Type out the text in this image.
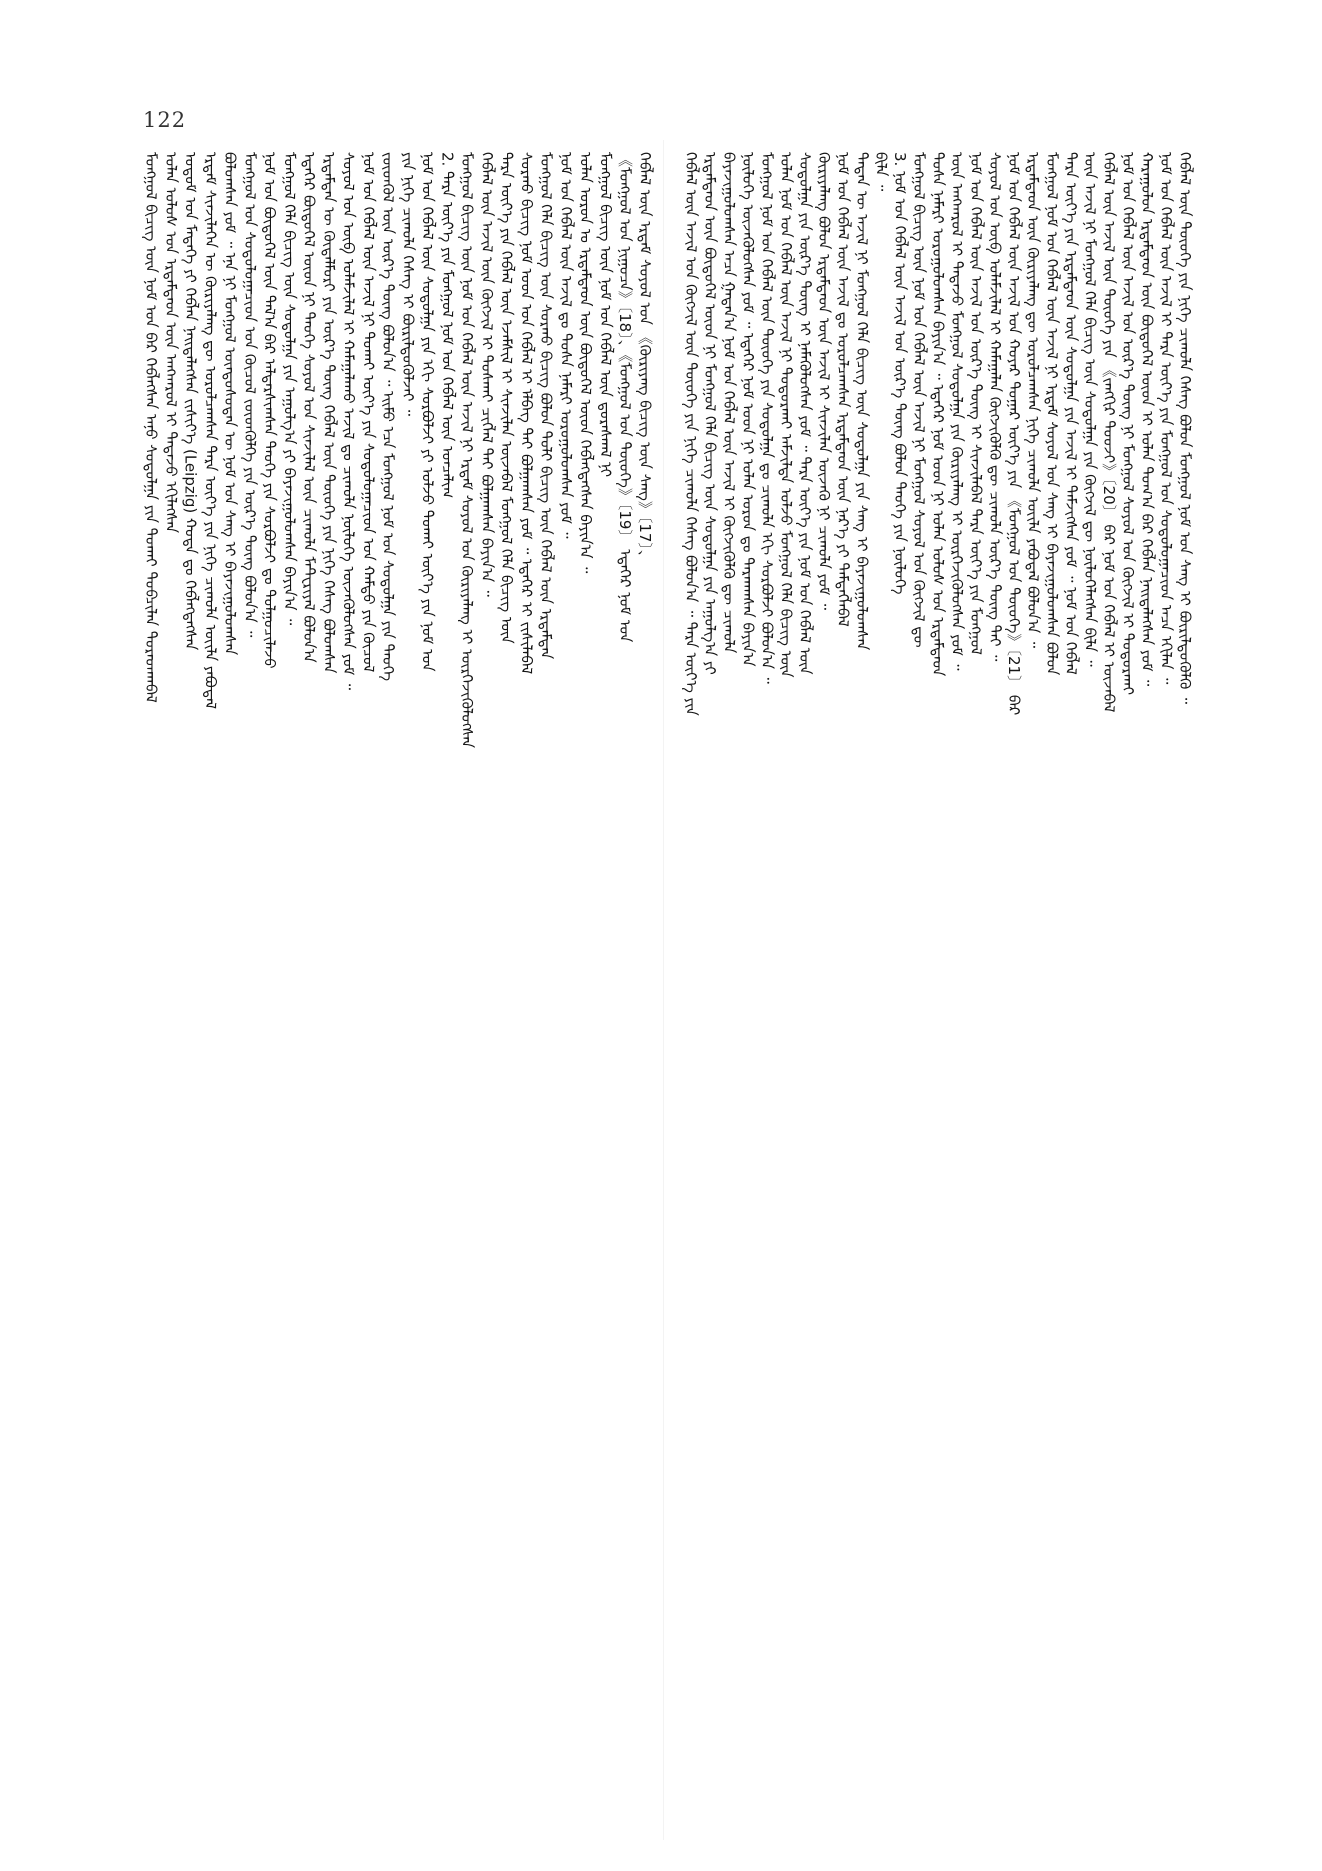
122
ᠮᠣᠩᠭᠣᠯ ᠪᠢᠴᠢᠭ᠌ ᠦᠨ ᠨᠣᠮ ᠤᠨ ᠪᠠᠷ ᠬᠡᠪᠯᠡᠭᠰᠡᠨ ᠠᠨᠤ ᠰᠤᠳᠤᠯᠭᠠ ᠶᠢᠨ ᠲᠤᠬᠠᠢ ᠲᠤᠪᠴᠢᠯᠠᠨ ᠳᠤᠷᠠᠳᠬᠠᠪᠠᠯ ᠣᠯᠠᠨ ᠤᠯᠤᠰ ᠤᠨ ᠡᠷᠳᠡᠮᠲᠡᠳ ᠦᠨ ᠠᠩᠬᠠᠷᠤᠯ ᠢ ᠲᠠᠲᠠᠵᠤ ᠡᠬᠢᠯᠡᠭᠰᠡᠨ ᠤᠳᠤᠮ ᠤᠨ ᠮᠡᠳᠡᠭᠡ ᠶᠢ ᠬᠡᠪᠯᠡᠨ ᠨᠡᠢᠲᠡᠯᠡᠭᠰᠡᠨ ᠵᠢᠱᠢᠶ᠎ᠡ (Leipzig) ᠬᠣᠲᠠ ᠳᠤ ᠬᠡᠪᠯᠡᠭᠳᠡᠭᠰᠡᠨ ᠡᠷᠳᠡᠮ ᠰᠢᠨᠵᠢᠯᠡᠭᠡᠨ ᠦ ᠬᠦᠷᠢᠶᠡᠯᠡᠩ ᠳᠦ ᠣᠷᠣᠯᠴᠠᠭᠰᠠᠨ ᠲᠡᠷᠡ ᠦᠶ᠎ᠡ ᠶᠢᠨ ᠨᠢᠭᠡ ᠴᠢᠬᠤᠯᠠ ᠦᠢᠯᠡ ᠶᠠᠪᠤᠳᠠᠯ ᠪᠣᠯᠤᠭᠰᠠᠨ ᠶᠤᠮ ᠃ ᠡᠨᠡ ᠨᠢ ᠮᠣᠩᠭᠣᠯ ᠦᠨᠳᠦᠰᠦᠲᠡᠨ ᠦ ᠨᠣᠮ ᠤᠨ ᠰᠠᠩ ᠢ ᠪᠠᠶᠠᠵᠢᠭᠤᠯᠤᠭᠰᠠᠨ ᠮᠣᠩᠭᠣᠯ ᠤᠨ ᠰᠤᠳᠤᠯᠤᠭᠠᠴᠢᠳ ᠤᠨ ᠬᠦᠴᠦᠯ ᠵᠦᠳᠭᠦᠯᠭᠡ ᠶᠢᠨ ᠦᠷ᠎ᠡ ᠳᠦᠩ ᠪᠣᠯᠤᠨ᠎ᠠ ᠃ ᠨᠣᠮ ᠤᠨ ᠪᠦᠲᠦᠭᠡᠯ ᠦᠨ ᠲᠠᠯ᠎ᠠ ᠪᠠᠷ ᠠᠯᠳᠠᠷᠰᠢᠭᠰᠠᠨ ᠲᠡᠦᠬᠡ ᠶᠢᠨ ᠰᠤᠷᠪᠤᠯᠵᠢ ᠳᠤ ᠲᠤᠯᠭᠤᠴᠢᠯᠠᠵᠤ ᠮᠣᠩᠭᠣᠯ ᠬᠡᠯᠡ ᠪᠢᠴᠢᠭ᠌ ᠦᠨ ᠰᠤᠳᠤᠯᠭᠠ ᠶᠢᠨ ᠠᠭᠤᠯᠭ᠎ᠠ ᠶᠢ ᠪᠠᠶᠠᠵᠢᠭᠤᠯᠤᠭᠰᠠᠨ ᠪᠠᠶᠢᠨ᠎ᠠ ᠃ ᠡᠳᠡᠭᠡᠷ ᠪᠦᠲᠦᠭᠡᠯ ᠦᠳ ᠨᠢ ᠲᠡᠦᠬᠡ ᠰᠣᠶᠣᠯ ᠤᠨ ᠰᠢᠨᠵᠢᠯᠡᠯ ᠦᠨ ᠴᠢᠬᠤᠯᠠ ᠮᠠᠲ᠋ᠧᠷᠢᠶᠠᠯ ᠪᠣᠯᠤᠨ᠎ᠠ ᠡᠷᠳᠡᠮᠲᠡᠨ ᠦ ᠬᠦᠳᠡᠯᠮᠦᠷᠢ ᠶᠢᠨ ᠦᠷ᠎ᠡ ᠳᠦᠩ ᠬᠡᠪᠯᠡᠯ ᠦᠨ ᠲᠦᠦᠬᠡ ᠶᠢᠨ ᠨᠢᠭᠡ ᠬᠡᠰᠡᠭ ᠪᠣᠯᠤᠭᠰᠠᠨ ᠰᠣᠶᠣᠯ ᠤᠨ ᠦᠪ ᠤᠯᠠᠮᠵᠢᠯᠠᠯ ᠢ ᠬᠠᠮᠠᠭᠠᠯᠠᠬᠤ ᠠᠵᠢᠯ ᠳᠤ ᠴᠢᠬᠤᠯᠠ ᠨᠥᠯᠦᠭᠡ ᠦᠵᠡᠭᠦᠯᠦᠭᠰᠡᠨ ᠶᠤᠮ ᠃ ᠨᠣᠮ ᠤᠨ ᠬᠡᠪᠯᠡᠯ ᠦᠨ ᠠᠵᠢᠯ ᠨᠢ ᠲᠤᠬᠠᠢ ᠦᠶ᠎ᠡ ᠶᠢᠨ ᠰᠤᠳᠤᠯᠤᠭᠠᠴᠢᠳ ᠤᠨ ᠬᠠᠮᠲᠤ ᠶᠢᠨ ᠬᠦᠴᠦᠯ ᠵᠦᠳᠭᠦᠯ ᠦᠨ ᠦᠷ᠎ᠡ ᠳᠦᠩ ᠪᠣᠯᠤᠨ᠎ᠠ ᠃ ᠡᠢᠮᠦ ᠡᠴᠡ ᠮᠣᠩᠭᠣᠯ ᠨᠣᠮ ᠤᠨ ᠰᠤᠳᠤᠯᠭᠠ ᠶᠢᠨ ᠲᠡᠦᠬᠡ ᠶᠢᠨ ᠨᠢᠭᠡ ᠴᠢᠬᠤᠯᠠ ᠬᠡᠰᠡᠭ ᠢ ᠪᠦᠷᠢᠯᠳᠦᠭᠦᠯᠵᠡᠢ ᠃ ᠨᠣᠮ ᠤᠨ ᠬᠡᠪᠯᠡᠯ ᠦᠨ ᠰᠤᠳᠤᠯᠭᠠ ᠶᠢᠨ ᠡᠬᠢ ᠰᠤᠷᠪᠤᠯᠵᠢ ᠶᠢ ᠣᠯᠵᠤ ᠲᠤᠬᠠᠢ ᠦᠶ᠎ᠡ ᠶᠢᠨ ᠨᠣᠮ ᠤᠨ 2. ᠲᠡᠷᠡ ᠦᠶ᠎ᠡ ᠶᠢᠨ ᠮᠣᠩᠭᠣᠯ ᠨᠣᠮ ᠤᠨ ᠬᠡᠪᠯᠡᠯ ᠦᠨ ᠣᠨᠴᠠᠯᠢᠭ ᠮᠣᠩᠭᠣᠯ ᠪᠢᠴᠢᠭ᠌ ᠦᠨ ᠨᠣᠮ ᠤᠨ ᠬᠡᠪᠯᠡᠯ ᠦᠨ ᠠᠵᠢᠯ ᠨᠢ ᠡᠷᠳᠡᠮ ᠰᠣᠶᠣᠯ ᠤᠨ ᠬᠦᠷᠢᠶᠡᠯᠡᠩ ᠢ ᠥᠷᠭᠡᠵᠢᠭᠦᠯᠦᠭᠰᠡᠨ ᠬᠡᠪᠯᠡᠯ ᠦᠨ ᠠᠵᠢᠯ ᠦᠨ ᠬᠥᠭᠵᠢᠯ ᠢ ᠲᠤᠰᠬᠠᠢ ᠴᠢᠭᠯᠡᠯ ᠲᠡᠢ ᠪᠣᠯᠭᠠᠭᠰᠠᠨ ᠪᠠᠶᠢᠨ᠎ᠠ ᠃ ᠲᠡᠷᠡ ᠦᠶ᠎ᠡ ᠶᠢᠨ ᠬᠡᠪᠯᠡᠯ ᠦᠨ ᠡᠵᠡᠮᠰᠢᠯ ᠢ ᠰᠢᠨᠵᠢᠯᠡᠨ ᠦᠵᠡᠪᠡᠯ ᠮᠣᠩᠭᠣᠯ ᠬᠡᠯᠡ ᠪᠢᠴᠢᠭ᠌ ᠦᠨ ᠰᠤᠷᠬᠤ ᠪᠢᠴᠢᠭ᠌ ᠨᠣᠮ ᠤᠳ ᠤᠨ ᠬᠡᠪᠯᠡᠯ ᠢ ᠡᠯᠪᠡᠭ ᠲᠠᠢ ᠪᠣᠯᠭᠠᠭᠰᠠᠨ ᠶᠤᠮ ᠃ ᠡᠳᠡᠭᠡᠷ ᠢ ᠵᠢᠱᠢᠯᠡᠪᠡᠯ ᠮᠣᠩᠭᠣᠯ ᠬᠡᠯᠡ ᠪᠢᠴᠢᠭ᠌ ᠦᠨ ᠰᠤᠷᠬᠤ ᠪᠢᠴᠢᠭ᠌ ᠪᠣᠯᠤᠨ ᠲᠣᠯᠢ ᠪᠢᠴᠢᠭ᠌ ᠦᠨ ᠬᠡᠪᠯᠡᠯ ᠦᠨ ᠡᠷᠳᠡᠮᠲᠡᠨ ᠨᠣᠮ ᠤᠨ ᠬᠡᠪᠯᠡᠯ ᠦᠨ ᠠᠵᠢᠯ ᠳᠤ ᠲᠤᠰᠠ ᠨᠡᠮᠡᠷᠢ ᠣᠷᠤᠭᠤᠯᠤᠭᠰᠠᠨ ᠶᠤᠮ ᠃ ᠣᠯᠠᠨ ᠣᠷᠣᠨ ᠤ ᠡᠷᠳᠡᠮᠲᠡᠳ ᠦᠨ ᠪᠦᠲᠦᠭᠡᠯ ᠦᠳ ᠬᠡᠪᠯᠡᠭᠳᠡᠭᠰᠡᠨ ᠪᠠᠶᠢᠨ᠎ᠠ ᠃ ᠮᠣᠩᠭᠣᠯ ᠪᠢᠴᠢᠭ᠌ ᠦᠨ ᠨᠣᠮ ᠤᠨ ᠬᠡᠪᠯᠡᠯ ᠦᠨ ᠳ᠋ᠤᠷᠠᠰᠬᠠᠯ ᠨᠢ 《ᠮᠣᠩᠭᠣᠯ ᠤᠨ ᠨᠢᠭᠤᠴᠠ》〔18〕、《ᠮᠣᠩᠭᠣᠯ ᠤᠨ ᠲᠦᠦᠬᠡ》〔19〕 ᠡᠳᠡᠭᠡᠷ ᠨᠣᠮ ᠤᠨ ᠬᠡᠪᠯᠡᠯ ᠦᠨ ᠡᠷᠳᠡᠮ ᠰᠣᠶᠣᠯ ᠤᠨ 《ᠬᠦᠷᠢᠶᠡᠩ ᠪᠢᠴᠢᠭ᠌ ᠦᠨ ᠰᠠᠩ》〔17〕、 ᠬᠡᠪᠯᠡᠯ ᠦᠨ ᠠᠵᠢᠯ ᠤᠨ ᠬᠥᠭᠵᠢᠯ ᠦᠨ ᠲᠦᠦᠬᠡ ᠶᠢᠨ ᠨᠢᠭᠡ ᠴᠢᠬᠤᠯᠠ ᠬᠡᠰᠡᠭ ᠪᠣᠯᠤᠨ᠎ᠠ ᠃ ᠲᠡᠷᠡ ᠦᠶ᠎ᠡ ᠶᠢᠨ ᠡᠷᠳᠡᠮᠲᠡᠳ ᠦᠨ ᠪᠦᠲᠦᠭᠡᠯ ᠦᠳ ᠨᠢ ᠮᠣᠩᠭᠣᠯ ᠬᠡᠯᠡ ᠪᠢᠴᠢᠭ᠌ ᠦᠨ ᠰᠤᠳᠤᠯᠭᠠ ᠶᠢᠨ ᠠᠭᠤᠯᠭ᠎ᠠ ᠶᠢ ᠪᠠᠶᠠᠵᠢᠭᠤᠯᠤᠭᠰᠠᠨ ᠠᠴᠠ ᠭᠠᠳᠠᠨ᠎ᠠ ᠨᠣᠮ ᠤᠨ ᠬᠡᠪᠯᠡᠯ ᠦᠨ ᠠᠵᠢᠯ ᠢ ᠬᠥᠭᠵᠢᠭᠦᠯᠬᠦ ᠳᠦ ᠴᠢᠬᠤᠯᠠ ᠨᠥᠯᠦᠭᠡ ᠦᠵᠡᠭᠦᠯᠦᠭᠰᠡᠨ ᠶᠤᠮ ᠃ ᠡᠳᠡᠭᠡᠷ ᠨᠣᠮ ᠤᠳ ᠨᠢ ᠣᠯᠠᠨ ᠣᠷᠣᠨ ᠳᠤ ᠲᠠᠷᠬᠠᠭᠰᠠᠨ ᠪᠠᠶᠢᠨ᠎ᠠ ᠮᠣᠩᠭᠣᠯ ᠨᠣᠮ ᠤᠨ ᠬᠡᠪᠯᠡᠯ ᠦᠨ ᠲᠦᠦᠬᠡ ᠶᠢᠨ ᠰᠤᠳᠤᠯᠭᠠ ᠳᠤ ᠴᠢᠬᠤᠯᠠ ᠡᠬᠢ ᠰᠤᠷᠪᠤᠯᠵᠢ ᠪᠣᠯᠤᠨ᠎ᠠ ᠃ ᠣᠯᠠᠨ ᠨᠣᠮ ᠤᠨ ᠬᠡᠪᠯᠡᠯ ᠦᠨ ᠠᠵᠢᠯ ᠨᠢ ᠲᠣᠳᠣᠷᠬᠠᠢ ᠠᠮᠵᠢᠯᠲᠠ ᠣᠯᠵᠤ ᠮᠣᠩᠭᠣᠯ ᠬᠡᠯᠡ ᠪᠢᠴᠢᠭ᠌ ᠦᠨ ᠰᠤᠳᠤᠯᠭᠠ ᠶᠢᠨ ᠦᠷ᠎ᠡ ᠳᠦᠩ ᠢ ᠨᠡᠮᠡᠭᠦᠯᠦᠭᠰᠡᠨ ᠶᠤᠮ ᠃ ᠲᠡᠷᠡ ᠦᠶ᠎ᠡ ᠶᠢᠨ ᠨᠣᠮ ᠤᠨ ᠬᠡᠪᠯᠡᠯ ᠦᠨ ᠬᠦᠷᠢᠶᠡᠯᠡᠩ ᠪᠣᠯᠤᠨ ᠡᠷᠳᠡᠮᠲᠡᠳ ᠦᠨ ᠠᠵᠢᠯ ᠢ ᠰᠢᠨᠵᠢᠯᠡᠨ ᠦᠵᠡᠬᠦ ᠨᠢ ᠴᠢᠬᠤᠯᠠ ᠶᠤᠮ ᠃ ᠨᠣᠮ ᠤᠨ ᠬᠡᠪᠯᠡᠯ ᠦᠨ ᠠᠵᠢᠯ ᠳᠤ ᠣᠷᠣᠯᠴᠠᠭᠰᠠᠨ ᠡᠷᠳᠡᠮᠲᠡᠳ ᠦᠨ ᠨᠡᠷ᠎ᠡ ᠶᠢ ᠲᠡᠮᠳᠡᠭᠯᠡᠪᠡᠯ ᠲᠡᠳᠡᠨ ᠦ ᠠᠵᠢᠯ ᠨᠢ ᠮᠣᠩᠭᠣᠯ ᠬᠡᠯᠡ ᠪᠢᠴᠢᠭ᠌ ᠦᠨ ᠰᠤᠳᠤᠯᠭᠠ ᠶᠢᠨ ᠰᠠᠩ ᠢ ᠪᠠᠶᠠᠵᠢᠭᠤᠯᠤᠭᠰᠠᠨ ᠪᠢᠯᠡ ᠃ 3. ᠨᠣᠮ ᠤᠨ ᠬᠡᠪᠯᠡᠯ ᠦᠨ ᠠᠵᠢᠯ ᠤᠨ ᠦᠷ᠎ᠡ ᠳᠦᠩ ᠪᠣᠯᠤᠨ ᠲᠡᠦᠬᠡ ᠶᠢᠨ ᠨᠥᠯᠦᠭᠡ ᠮᠣᠩᠭᠣᠯ ᠪᠢᠴᠢᠭ᠌ ᠦᠨ ᠨᠣᠮ ᠤᠨ ᠬᠡᠪᠯᠡᠯ ᠦᠨ ᠠᠵᠢᠯ ᠨᠢ ᠮᠣᠩᠭᠣᠯ ᠰᠣᠶᠣᠯ ᠤᠨ ᠬᠥᠭᠵᠢᠯ ᠳᠦ ᠲᠤᠰᠠ ᠨᠡᠮᠡᠷᠢ ᠣᠷᠤᠭᠤᠯᠤᠭᠰᠠᠨ ᠪᠠᠶᠢᠨ᠎ᠠ ᠃ ᠡᠳᠡᠭᠡᠷ ᠨᠣᠮ ᠤᠳ ᠨᠢ ᠣᠯᠠᠨ ᠤᠯᠤᠰ ᠤᠨ ᠡᠷᠳᠡᠮᠲᠡᠳ ᠦᠨ ᠠᠩᠬᠠᠷᠤᠯ ᠢ ᠲᠠᠲᠠᠵᠤ ᠮᠣᠩᠭᠣᠯ ᠰᠤᠳᠤᠯᠭᠠ ᠶᠢᠨ ᠬᠦᠷᠢᠶᠡᠯᠡᠩ ᠢ ᠥᠷᠭᠡᠵᠢᠭᠦᠯᠦᠭᠰᠡᠨ ᠶᠤᠮ ᠃ ᠨᠣᠮ ᠤᠨ ᠬᠡᠪᠯᠡᠯ ᠦᠨ ᠠᠵᠢᠯ ᠤᠨ ᠦᠷ᠎ᠡ ᠳᠦᠩ ᠢ ᠰᠢᠨᠵᠢᠯᠡᠪᠡᠯ ᠲᠡᠷᠡ ᠦᠶ᠎ᠡ ᠶᠢᠨ ᠮᠣᠩᠭᠣᠯ ᠰᠣᠶᠣᠯ ᠤᠨ ᠦᠪ ᠤᠯᠠᠮᠵᠢᠯᠠᠯ ᠢ ᠬᠠᠮᠠᠭᠠᠯᠠᠨ ᠬᠥᠭᠵᠢᠭᠦᠯᠬᠦ ᠳᠦ ᠴᠢᠬᠤᠯᠠ ᠦᠷ᠎ᠡ ᠳᠦᠩ ᠲᠡᠢ ᠃ ᠨᠣᠮ ᠤᠨ ᠬᠡᠪᠯᠡᠯ ᠦᠨ ᠠᠵᠢᠯ ᠤᠨ ᠬᠣᠶᠠᠷ ᠳᠤᠭᠠᠷ ᠦᠶ᠎ᠡ ᠶᠢᠨ 《ᠮᠣᠩᠭᠣᠯ ᠤᠨ ᠲᠦᠦᠬᠡ》〔21〕 ᠪᠡᠷ ᠡᠷᠳᠡᠮᠲᠡᠳ ᠦᠨ ᠬᠦᠷᠢᠶᠡᠯᠡᠩ ᠳᠦ ᠣᠷᠣᠯᠴᠠᠭᠰᠠᠨ ᠨᠢᠭᠡ ᠴᠢᠬᠤᠯᠠ ᠦᠢᠯᠡ ᠶᠠᠪᠤᠳᠠᠯ ᠪᠣᠯᠤᠨ᠎ᠠ ᠃ ᠮᠣᠩᠭᠣᠯ ᠨᠣᠮ ᠤᠨ ᠬᠡᠪᠯᠡᠯ ᠦᠨ ᠠᠵᠢᠯ ᠨᠢ ᠡᠷᠳᠡᠮ ᠰᠣᠶᠣᠯ ᠤᠨ ᠰᠠᠩ ᠢ ᠪᠠᠶᠠᠵᠢᠭᠤᠯᠤᠭᠰᠠᠨ ᠪᠣᠯᠤᠨ ᠲᠡᠷᠡ ᠦᠶ᠎ᠡ ᠶᠢᠨ ᠡᠷᠳᠡᠮᠲᠡᠳ ᠦᠨ ᠰᠤᠳᠤᠯᠭᠠ ᠶᠢᠨ ᠠᠵᠢᠯ ᠢ ᠳᠡᠮᠵᠢᠭᠰᠡᠨ ᠶᠤᠮ ᠃ ᠨᠣᠮ ᠤᠨ ᠬᠡᠪᠯᠡᠯ ᠦᠨ ᠠᠵᠢᠯ ᠨᠢ ᠮᠣᠩᠭᠣᠯ ᠬᠡᠯᠡ ᠪᠢᠴᠢᠭ᠌ ᠦᠨ ᠰᠤᠳᠤᠯᠭᠠ ᠶᠢᠨ ᠬᠥᠭᠵᠢᠯ ᠳᠦ ᠨᠥᠯᠦᠭᠡᠯᠡᠭᠰᠡᠨ ᠪᠢᠯᠡ ᠃ ᠬᠡᠪᠯᠡᠯ ᠦᠨ ᠠᠵᠢᠯ ᠦᠨ ᠲᠦᠦᠬᠡ ᠶᠢᠨ 《ᠵᠠᠩᠭᠢᠷ ᠲᠤᠤᠵᠢ》〔20〕 ᠪᠡᠷ ᠨᠣᠮ ᠤᠨ ᠬᠡᠪᠯᠡᠯ ᠢ ᠦᠵᠡᠪᠡᠯ ᠨᠣᠮ ᠤᠨ ᠬᠡᠪᠯᠡᠯ ᠦᠨ ᠠᠵᠢᠯ ᠤᠨ ᠦᠷ᠎ᠡ ᠳᠦᠩ ᠨᠢ ᠮᠣᠩᠭᠣᠯ ᠰᠣᠶᠣᠯ ᠤᠨ ᠬᠥᠭᠵᠢᠯ ᠢ ᠲᠤᠳᠤᠷᠬᠠᠢ ᠬᠠᠷᠠᠭᠤᠯᠤᠨ ᠡᠷᠳᠡᠮᠲᠡᠳ ᠦᠨ ᠪᠦᠲᠦᠭᠡᠯ ᠦᠳ ᠢ ᠣᠯᠠᠨ ᠲᠣᠭ᠎ᠠ ᠪᠠᠷ ᠬᠡᠪᠯᠡᠨ ᠨᠡᠢᠲᠡᠯᠡᠭᠰᠡᠨ ᠶᠤᠮ ᠃ ᠨᠣᠮ ᠤᠨ ᠬᠡᠪᠯᠡᠯ ᠦᠨ ᠠᠵᠢᠯ ᠢ ᠲᠡᠷᠡ ᠦᠶ᠎ᠡ ᠶᠢᠨ ᠮᠣᠩᠭᠣᠯ ᠤᠨ ᠰᠤᠳᠤᠯᠤᠭᠠᠴᠢᠳ ᠠᠴᠠ ᠡᠬᠢᠯᠡᠨ ᠃ ᠬᠡᠪᠯᠡᠯ ᠦᠨ ᠲᠦᠦᠬᠡ ᠶᠢᠨ ᠨᠢᠭᠡ ᠴᠢᠬᠤᠯᠠ ᠬᠡᠰᠡᠭ ᠪᠣᠯᠤᠨ ᠮᠣᠩᠭᠣᠯ ᠨᠣᠮ ᠤᠨ ᠰᠠᠩ ᠢ ᠪᠦᠷᠢᠯᠳᠦᠭᠦᠯᠬᠦ ᠃
